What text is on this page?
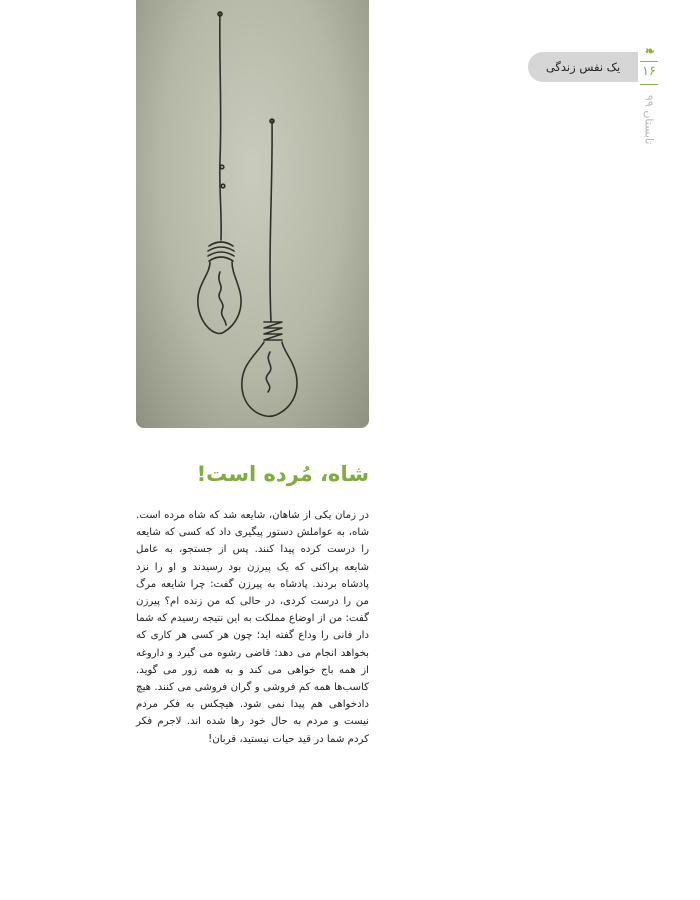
یک نفس زندگی
❧
۱۶
تابستان ۹۹
شاه، مُرده است!
در زمان یکی از شاهان، شایعه شد که شاه مرده است. شاه، به عواملش دستور پیگیری داد که کسی که شایعه را درست کرده پیدا کنند. پس از جستجو، به عامل شایعه پراکنی که یک پیرزن بود رسیدند و او را نزد پادشاه بردند. پادشاه به پیرزن گفت: چرا شایعه مرگ من را درست کردی، در حالی که من زنده ام؟ پیرزن گفت: من از اوضاع مملکت به این نتیجه رسیدم که شما دار فانی را وداع گفته اید؛ چون هر کسی هر کاری که بخواهد انجام می دهد: قاضی رشوه می گیرد و داروغه از همه باج خواهی می کند و به همه زور می گوید. کاسب‌ها همه کم فروشی و گران فروشی می کنند. هیچ دادخواهی هم پیدا نمی شود. هیچکس به فکر مردم نیست و مردم به حال خود رها شده اند. لاجرم فکر کردم شما در قید حیات نیستید، قربان!
